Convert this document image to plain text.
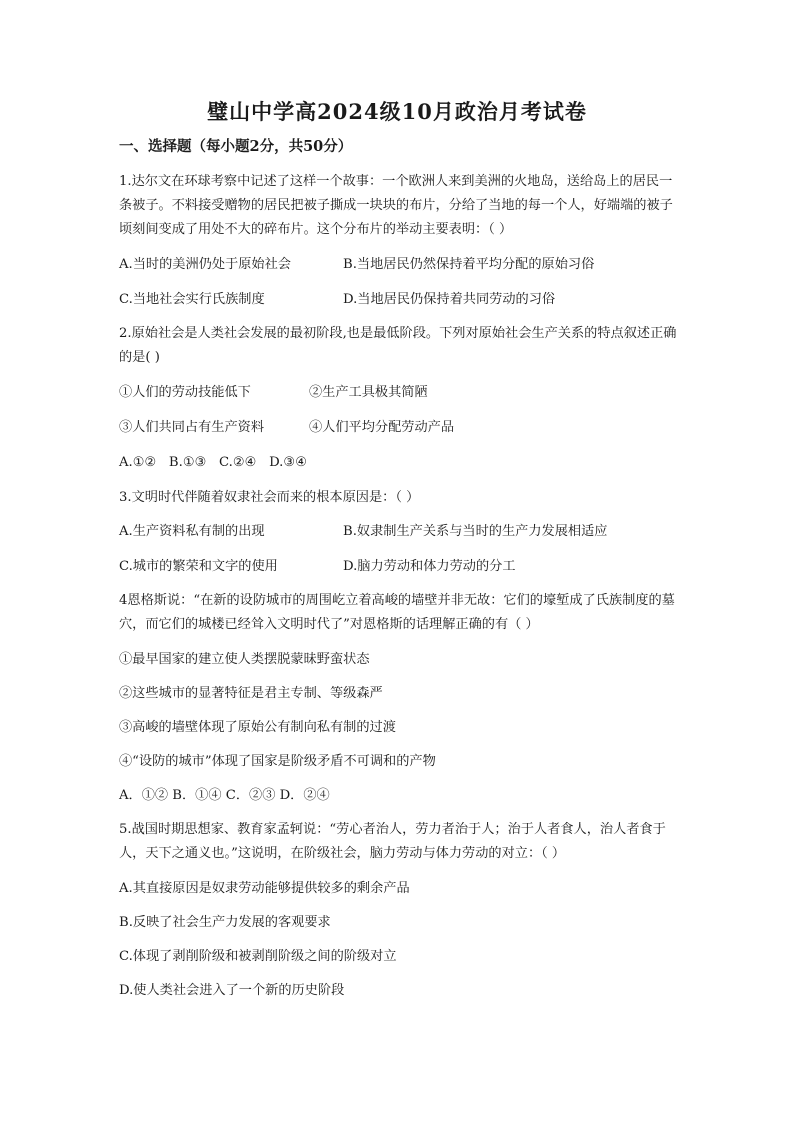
璧山中学高2024级10月政治月考试卷
一、选择题（每小题2分，共50分）

1.达尔文在环球考察中记述了这样一个故事：一个欧洲人来到美洲的火地岛，送给岛上的居民一条被子。不料接受赠物的居民把被子撕成一块块的布片，分给了当地的每一个人，好端端的被子顷刻间变成了用处不大的碎布片。这个分布片的举动主要表明：（ ）

A.当时的美洲仍处于原始社会	B.当地居民仍然保持着平均分配的原始习俗
C.当地社会实行氏族制度	D.当地居民仍保持着共同劳动的习俗

2.原始社会是人类社会发展的最初阶段,也是最低阶段。下列对原始社会生产关系的特点叙述正确的是( )

①人们的劳动技能低下	②生产工具极其简陋
③人们共同占有生产资料	④人们平均分配劳动产品
A.①②   B.①③   C.②④   D.③④
3.文明时代伴随着奴隶社会而来的根本原因是：（ ）
A.生产资料私有制的出现	B.奴隶制生产关系与当时的生产力发展相适应
C.城市的繁荣和文字的使用	D.脑力劳动和体力劳动的分工

4恩格斯说：“在新的设防城市的周围屹立着高峻的墙壁并非无故：它们的壕堑成了氏族制度的墓穴，而它们的城楼已经耸入文明时代了”对恩格斯的话理解正确的有（ ）

①最早国家的建立使人类摆脱蒙昧野蛮状态
②这些城市的显著特征是君主专制、等级森严
③高峻的墙壁体现了原始公有制向私有制的过渡
④“设防的城市”体现了国家是阶级矛盾不可调和的产物
A．①② B．①④ C．②③ D．②④

5.战国时期思想家、教育家孟轲说：“劳心者治人，劳力者治于人；治于人者食人，治人者食于人，天下之通义也。”这说明，在阶级社会，脑力劳动与体力劳动的对立：（ ）

A.其直接原因是奴隶劳动能够提供较多的剩余产品
B.反映了社会生产力发展的客观要求
C.体现了剥削阶级和被剥削阶级之间的阶级对立
D.使人类社会进入了一个新的历史阶段
